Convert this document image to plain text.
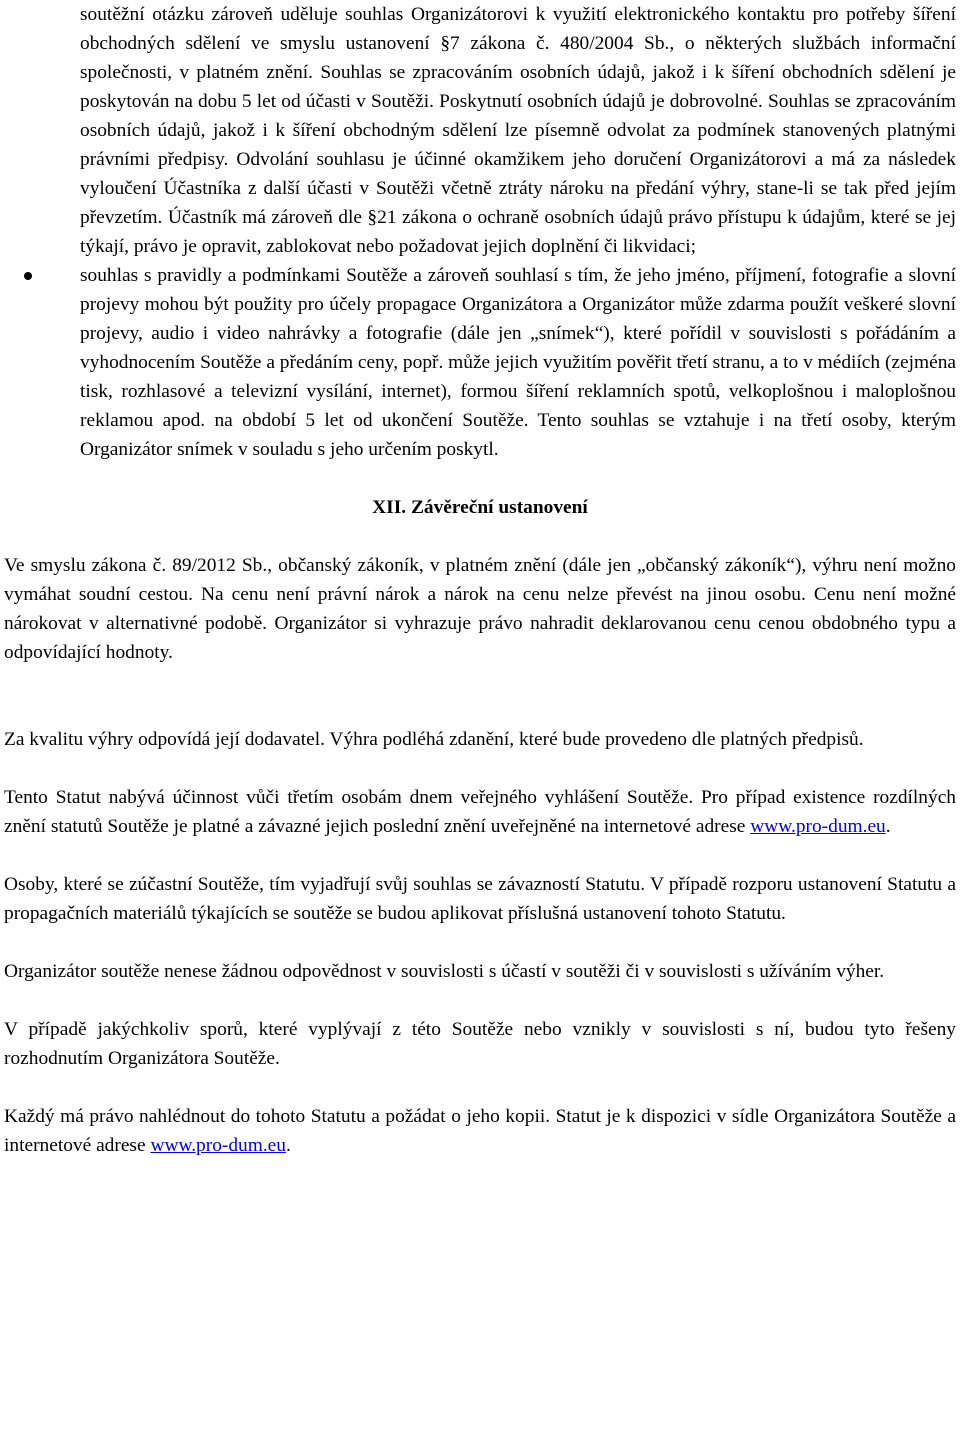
soutěžní otázku zároveň uděluje souhlas Organizátorovi k využití elektronického kontaktu pro potřeby šíření obchodných sdělení ve smyslu ustanovení §7 zákona č. 480/2004 Sb., o některých službách informační společnosti, v platném znění. Souhlas se zpracováním osobních údajů, jakož i k šíření obchodních sdělení je poskytován na dobu 5 let od účasti v Soutěži. Poskytnutí osobních údajů je dobrovolné. Souhlas se zpracováním osobních údajů, jakož i k šíření obchodným sdělení lze písemně odvolat za podmínek stanovených platnými právními předpisy. Odvolání souhlasu je účinné okamžikem jeho doručení Organizátorovi a má za následek vyloučení Účastníka z další účasti v Soutěži včetně ztráty nároku na předání výhry, stane-li se tak před jejím převzetím. Účastník má zároveň dle §21 zákona o ochraně osobních údajů právo přístupu k údajům, které se jej týkají, právo je opravit, zablokovat nebo požadovat jejich doplnění či likvidaci;

souhlas s pravidly a podmínkami Soutěže a zároveň souhlasí s tím, že jeho jméno, příjmení, fotografie a slovní projevy mohou být použity pro účely propagace Organizátora a Organizátor může zdarma použít veškeré slovní projevy, audio i video nahrávky a fotografie (dále jen „snímek“), které pořídil v souvislosti s pořádáním a vyhodnocením Soutěže a předáním ceny, popř. může jejich využitím pověřit třetí stranu, a to v médiích (zejména tisk, rozhlasové a televizní vysílání, internet), formou šíření reklamních spotů, velkoplošnou i maloplošnou reklamou apod. na období 5 let od ukončení Soutěže. Tento souhlas se vztahuje i na třetí osoby, kterým Organizátor snímek v souladu s jeho určením poskytl.

XII. Závěreční ustanovení

Ve smyslu zákona č. 89/2012 Sb., občanský zákoník, v platném znění (dále jen „občanský zákoník“), výhru není možno vymáhat soudní cestou. Na cenu není právní nárok a nárok na cenu nelze převést na jinou osobu. Cenu není možné nárokovat v alternativné podobě. Organizátor si vyhrazuje právo nahradit deklarovanou cenu cenou obdobného typu a odpovídající hodnoty.

Za kvalitu výhry odpovídá její dodavatel. Výhra podléhá zdanění, které bude provedeno dle platných předpisů.

Tento Statut nabývá účinnost vůči třetím osobám dnem veřejného vyhlášení Soutěže. Pro případ existence rozdílných znění statutů Soutěže je platné a závazné jejich poslední znění uveřejněné na internetové adrese www.pro-dum.eu.

Osoby, které se zúčastní Soutěže, tím vyjadřují svůj souhlas se závazností Statutu. V případě rozporu ustanovení Statutu a propagačních materiálů týkajících se soutěže se budou aplikovat příslušná ustanovení tohoto Statutu.

Organizátor soutěže nenese žádnou odpovědnost v souvislosti s účastí v soutěži či v souvislosti s užíváním výher.

V případě jakýchkoliv sporů, které vyplývají z této Soutěže nebo vznikly v souvislosti s ní, budou tyto řešeny rozhodnutím Organizátora Soutěže.

Každý má právo nahlédnout do tohoto Statutu a požádat o jeho kopii. Statut je k dispozici v sídle Organizátora Soutěže a internetové adrese www.pro-dum.eu.
